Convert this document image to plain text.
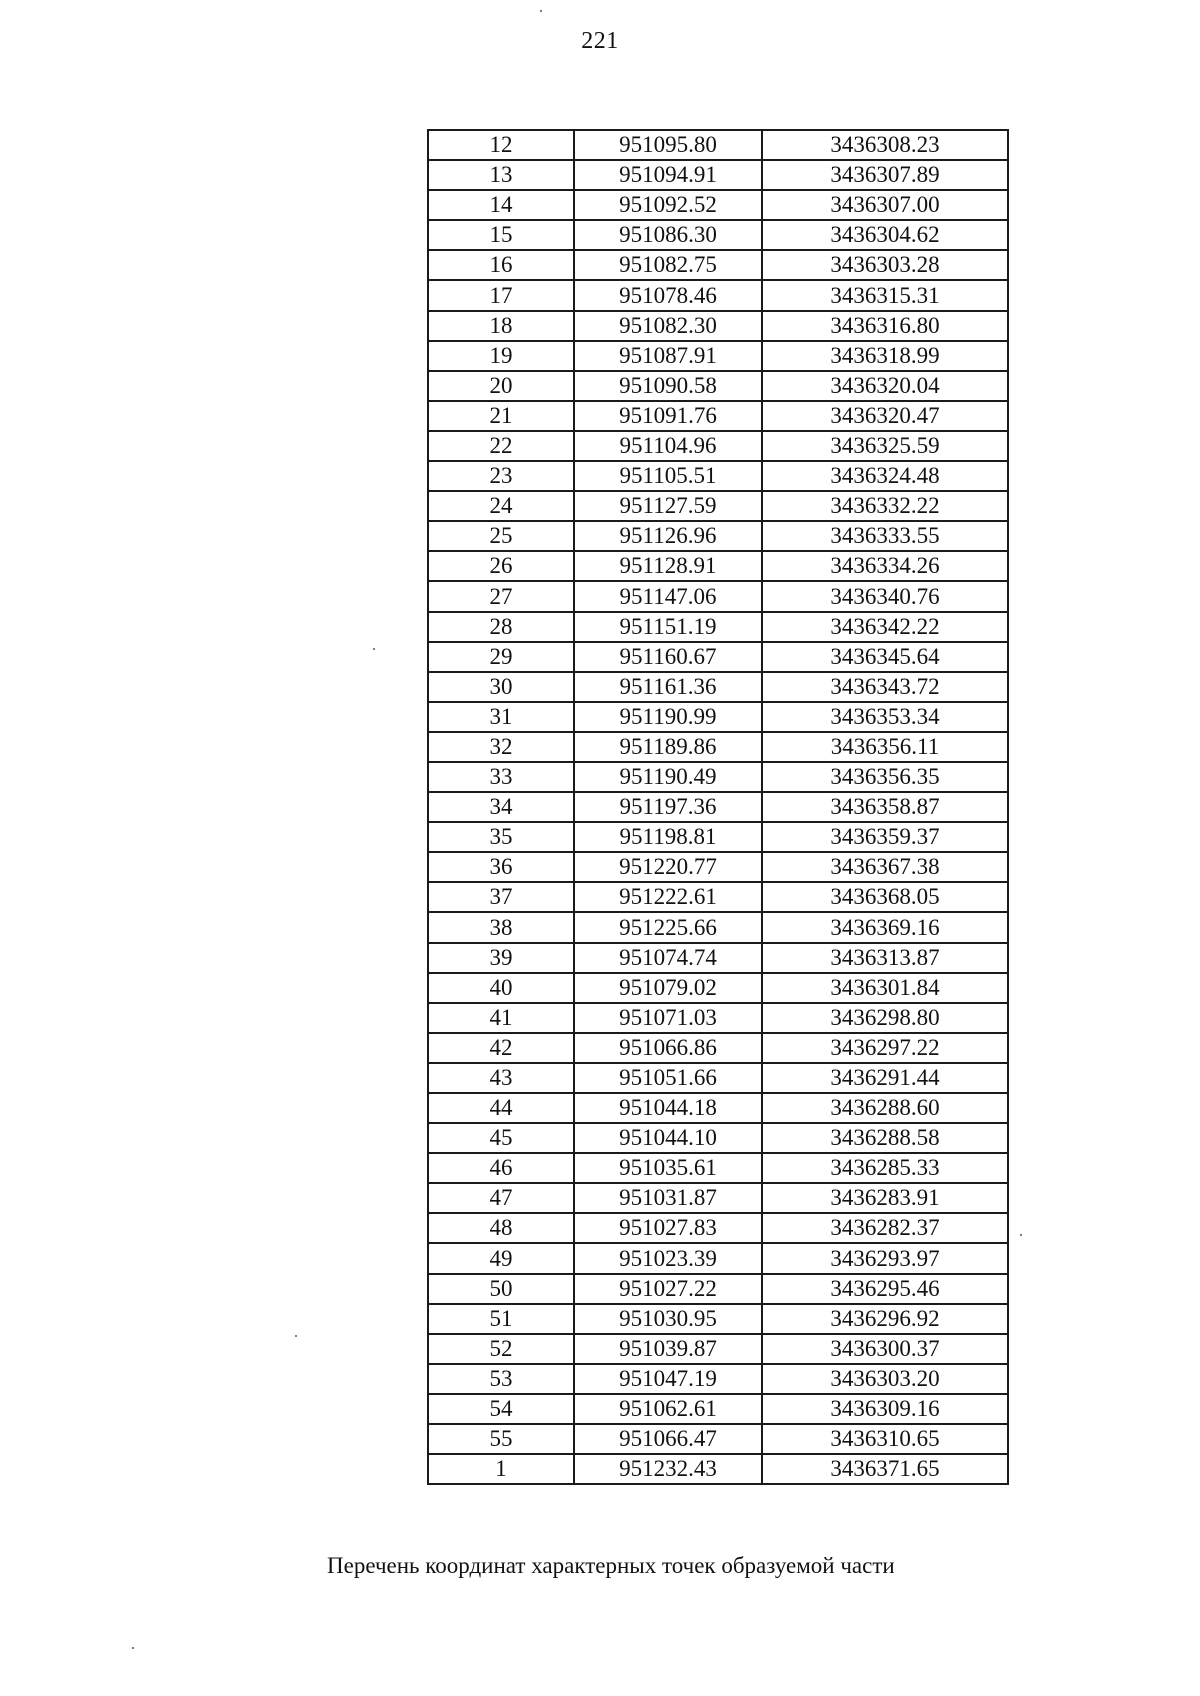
221
12	951095.80	3436308.23
13	951094.91	3436307.89
14	951092.52	3436307.00
15	951086.30	3436304.62
16	951082.75	3436303.28
17	951078.46	3436315.31
18	951082.30	3436316.80
19	951087.91	3436318.99
20	951090.58	3436320.04
21	951091.76	3436320.47
22	951104.96	3436325.59
23	951105.51	3436324.48
24	951127.59	3436332.22
25	951126.96	3436333.55
26	951128.91	3436334.26
27	951147.06	3436340.76
28	951151.19	3436342.22
29	951160.67	3436345.64
30	951161.36	3436343.72
31	951190.99	3436353.34
32	951189.86	3436356.11
33	951190.49	3436356.35
34	951197.36	3436358.87
35	951198.81	3436359.37
36	951220.77	3436367.38
37	951222.61	3436368.05
38	951225.66	3436369.16
39	951074.74	3436313.87
40	951079.02	3436301.84
41	951071.03	3436298.80
42	951066.86	3436297.22
43	951051.66	3436291.44
44	951044.18	3436288.60
45	951044.10	3436288.58
46	951035.61	3436285.33
47	951031.87	3436283.91
48	951027.83	3436282.37
49	951023.39	3436293.97
50	951027.22	3436295.46
51	951030.95	3436296.92
52	951039.87	3436300.37
53	951047.19	3436303.20
54	951062.61	3436309.16
55	951066.47	3436310.65
1	951232.43	3436371.65
Перечень координат характерных точек образуемой части
